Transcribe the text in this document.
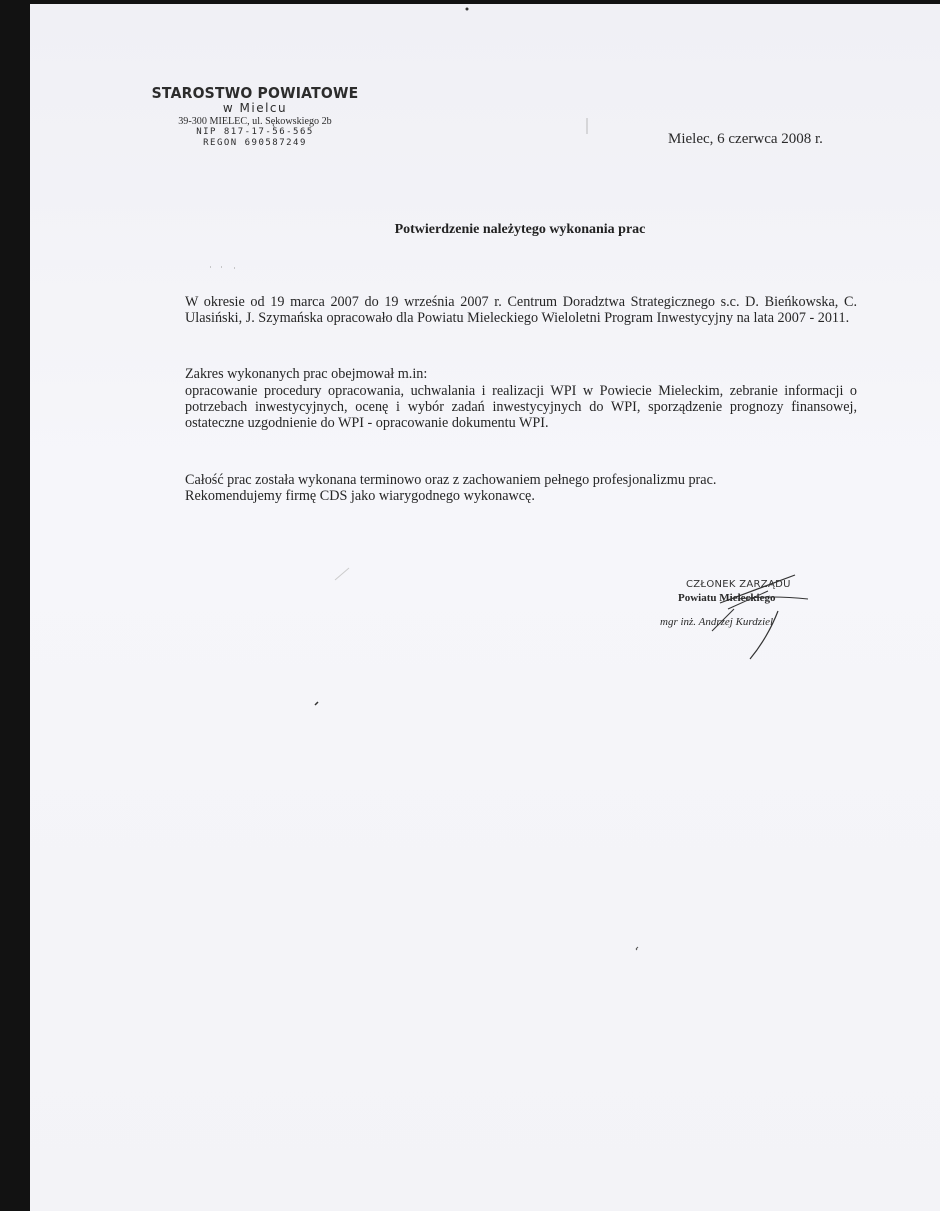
STAROSTWO POWIATOWE
w Mielcu
39-300 MIELEC, ul. Sękowskiego 2b
NIP 817-17-56-565
REGON 690587249	Mielec, 6 czerwca 2008 r.
Potwierdzenie należytego wykonania prac
W okresie od 19 marca 2007 do 19 września 2007 r. Centrum Doradztwa Strategicznego s.c. D. Bieńkowska, C. Ulasiński, J. Szymańska opracowało dla Powiatu Mieleckiego Wieloletni Program Inwestycyjny na lata 2007 - 2011.
Zakres wykonanych prac obejmował m.in:
opracowanie procedury opracowania, uchwalania i realizacji WPI w Powiecie Mieleckim, zebranie informacji o potrzebach inwestycyjnych, ocenę i wybór zadań inwestycyjnych do WPI, sporządzenie prognozy finansowej, ostateczne uzgodnienie do WPI - opracowanie dokumentu WPI.
Całość prac została wykonana terminowo oraz z zachowaniem pełnego profesjonalizmu prac.
Rekomendujemy firmę CDS jako wiarygodnego wykonawcę.
CZŁONEK ZARZĄDU
Powiatu Mieleckiego
mgr inż. Andrzej Kurdziel
